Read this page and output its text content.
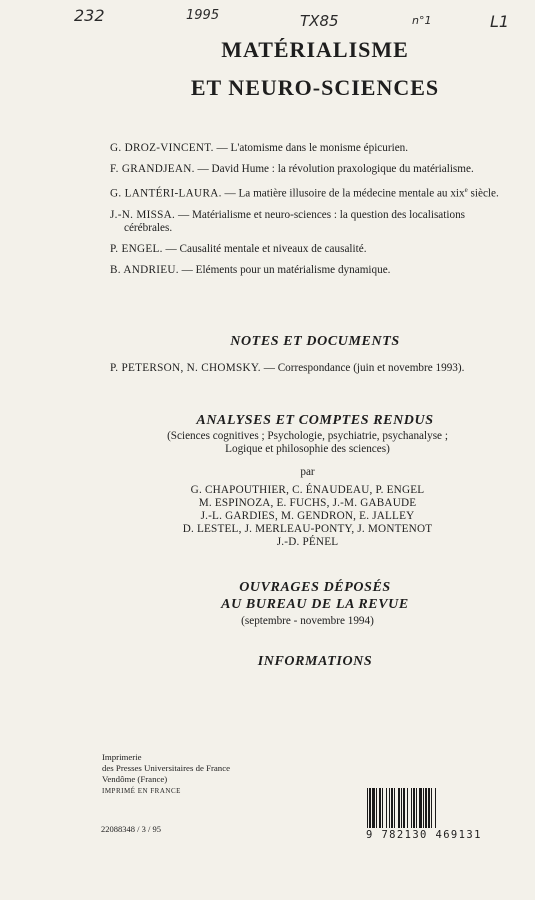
232	1995	TX85	n°1	L1
MATÉRIALISME
ET NEURO-SCIENCES

G. DROZ-VINCENT. — L'atomisme dans le monisme épicurien.

F. GRANDJEAN. — David Hume : la révolution praxologique du matérialisme.

G. LANTÉRI-LAURA. — La matière illusoire de la médecine mentale au xix$^e$ siècle.

J.-N. MISSA. — Matérialisme et neuro-sciences : la question des localisations cérébrales.

P. ENGEL. — Causalité mentale et niveaux de causalité.

B. ANDRIEU. — Eléments pour un matérialisme dynamique.

NOTES ET DOCUMENTS

P. PETERSON, N. CHOMSKY. — Correspondance (juin et novembre 1993).

ANALYSES ET COMPTES RENDUS

(Sciences cognitives ; Psychologie, psychiatrie, psychanalyse ;

Logique et philosophie des sciences)

par

G. CHAPOUTHIER, C. ÉNAUDEAU, P. ENGEL

M. ESPINOZA, E. FUCHS, J.-M. GABAUDE

J.-L. GARDIES, M. GENDRON, E. JALLEY

D. LESTEL, J. MERLEAU-PONTY, J. MONTENOT

J.-D. PÉNEL

OUVRAGES DÉPOSÉS
AU BUREAU DE LA REVUE

(septembre - novembre 1994)

INFORMATIONS

Imprimerie

des Presses Universitaires de France

Vendôme (France)

IMPRIMÉ EN FRANCE

22088348 / 3 / 95	9 782130 469131
